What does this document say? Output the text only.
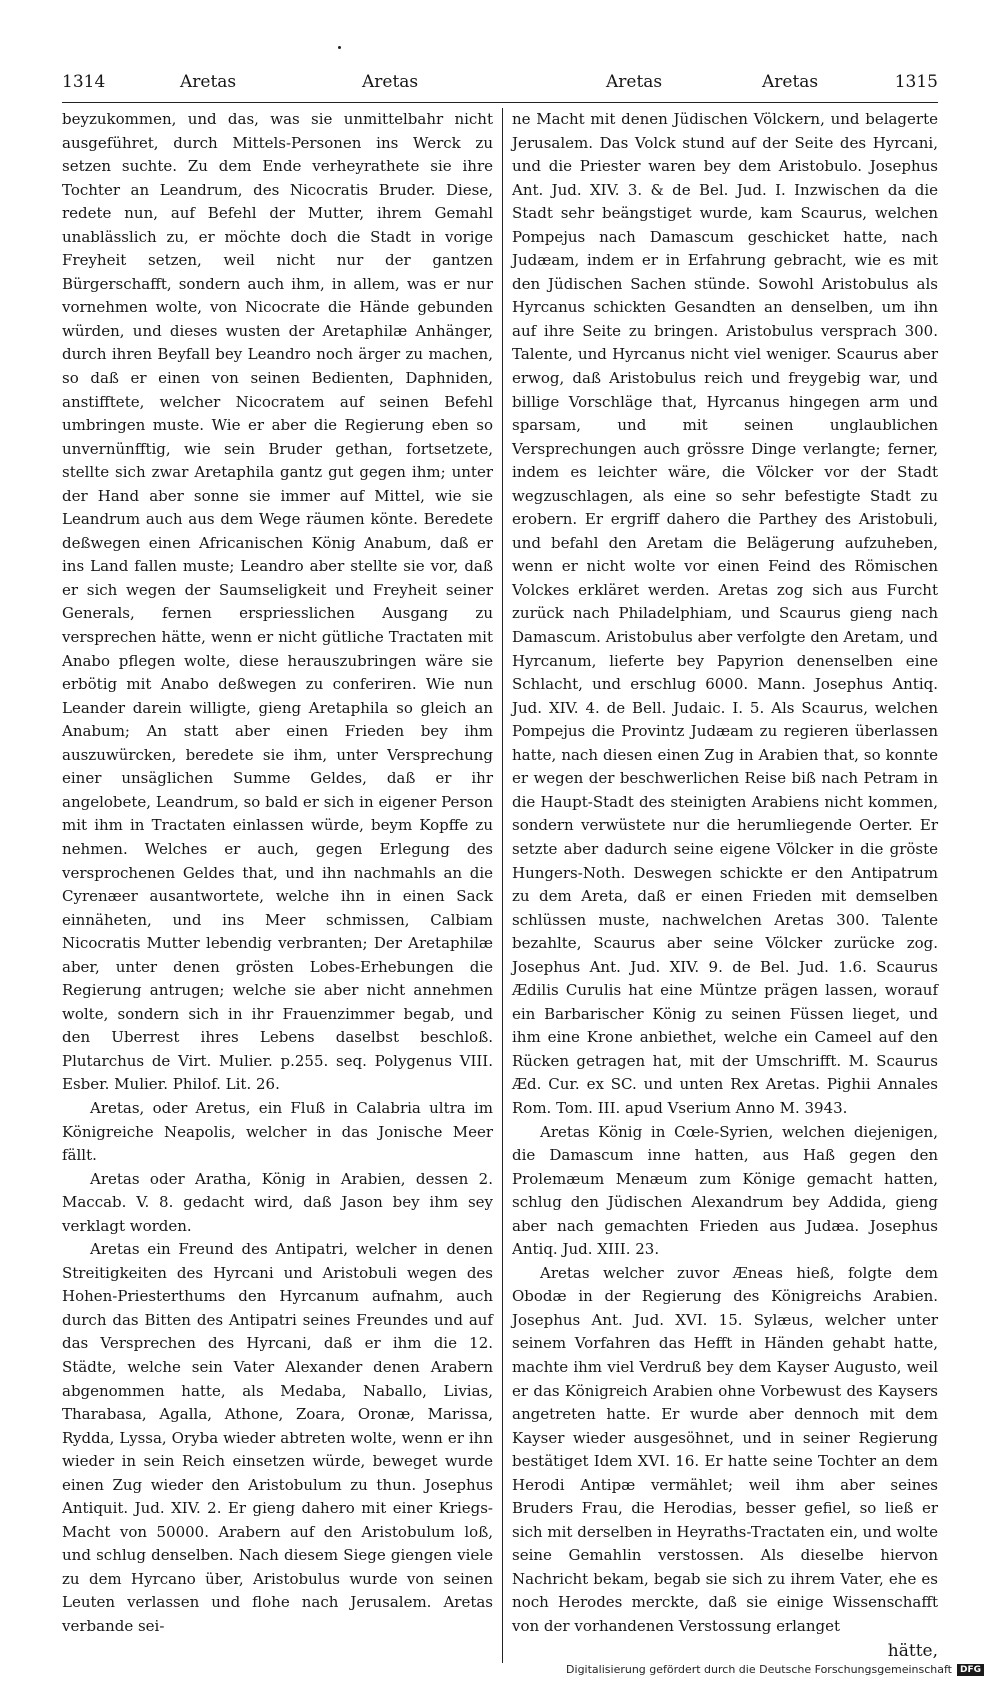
1314	Aretas	Aretas	Aretas	Aretas	1315

beyzukommen, und das, was sie unmittelbahr nicht ausgeführet, durch Mittels-Personen ins Werck zu setzen suchte. Zu dem Ende verheyrathete sie ihre Tochter an Leandrum, des Nicocratis Bruder. Diese, redete nun, auf Befehl der Mutter, ihrem Gemahl unablässlich zu, er möchte doch die Stadt in vorige Freyheit setzen, weil nicht nur der gantzen Bürgerschafft, sondern auch ihm, in allem, was er nur vornehmen wolte, von Nicocrate die Hände gebunden würden, und dieses wusten der Aretaphilæ Anhänger, durch ihren Beyfall bey Leandro noch ärger zu machen, so daß er einen von seinen Bedienten, Daphniden, anstifftete, welcher Nicocratem auf seinen Befehl umbringen muste. Wie er aber die Regierung eben so unvernünfftig, wie sein Bruder gethan, fortsetzete, stellte sich zwar Aretaphila gantz gut gegen ihm; unter der Hand aber sonne sie immer auf Mittel, wie sie Leandrum auch aus dem Wege räumen könte. Beredete deßwegen einen Africanischen König Anabum, daß er ins Land fallen muste; Leandro aber stellte sie vor, daß er sich wegen der Saumseligkeit und Freyheit seiner Generals, fernen erspriesslichen Ausgang zu versprechen hätte, wenn er nicht gütliche Tractaten mit Anabo pflegen wolte, diese herauszubringen wäre sie erbötig mit Anabo deßwegen zu conferiren. Wie nun Leander darein willigte, gieng Aretaphila so gleich an Anabum; An statt aber einen Frieden bey ihm auszuwürcken, beredete sie ihm, unter Versprechung einer unsäglichen Summe Geldes, daß er ihr angelobete, Leandrum, so bald er sich in eigener Person mit ihm in Tractaten einlassen würde, beym Kopffe zu nehmen. Welches er auch, gegen Erlegung des versprochenen Geldes that, und ihn nachmahls an die Cyrenæer ausantwortete, welche ihn in einen Sack einnäheten, und ins Meer schmissen, Calbiam Nicocratis Mutter lebendig verbranten; Der Aretaphilæ aber, unter denen grösten Lobes-Erhebungen die Regierung antrugen; welche sie aber nicht annehmen wolte, sondern sich in ihr Frauenzimmer begab, und den Uberrest ihres Lebens daselbst beschloß. Plutarchus de Virt. Mulier. p.255. seq. Polygenus VIII. Esber. Mulier. Philof. Lit. 26.

Aretas, oder Aretus, ein Fluß in Calabria ultra im Königreiche Neapolis, welcher in das Jonische Meer fällt.

Aretas oder Aratha, König in Arabien, dessen 2. Maccab. V. 8. gedacht wird, daß Jason bey ihm sey verklagt worden.

Aretas ein Freund des Antipatri, welcher in denen Streitigkeiten des Hyrcani und Aristobuli wegen des Hohen-Priesterthums den Hyrcanum aufnahm, auch durch das Bitten des Antipatri seines Freundes und auf das Versprechen des Hyrcani, daß er ihm die 12. Städte, welche sein Vater Alexander denen Arabern abgenommen hatte, als Medaba, Naballo, Livias, Tharabasa, Agalla, Athone, Zoara, Oronæ, Marissa, Rydda, Lyssa, Oryba wieder abtreten wolte, wenn er ihn wieder in sein Reich einsetzen würde, beweget wurde einen Zug wieder den Aristobulum zu thun. Josephus Antiquit. Jud. XIV. 2. Er gieng dahero mit einer Kriegs-Macht von 50000. Arabern auf den Aristobulum loß, und schlug denselben. Nach diesem Siege giengen viele zu dem Hyrcano über, Aristobulus wurde von seinen Leuten verlassen und flohe nach Jerusalem. Aretas verbande sei-

ne Macht mit denen Jüdischen Völckern, und belagerte Jerusalem. Das Volck stund auf der Seite des Hyrcani, und die Priester waren bey dem Aristobulo. Josephus Ant. Jud. XIV. 3. & de Bel. Jud. I. Inzwischen da die Stadt sehr beängstiget wurde, kam Scaurus, welchen Pompejus nach Damascum geschicket hatte, nach Judæam, indem er in Erfahrung gebracht, wie es mit den Jüdischen Sachen stünde. Sowohl Aristobulus als Hyrcanus schickten Gesandten an denselben, um ihn auf ihre Seite zu bringen. Aristobulus versprach 300. Talente, und Hyrcanus nicht viel weniger. Scaurus aber erwog, daß Aristobulus reich und freygebig war, und billige Vorschläge that, Hyrcanus hingegen arm und sparsam, und mit seinen unglaublichen Versprechungen auch grössre Dinge verlangte; ferner, indem es leichter wäre, die Völcker vor der Stadt wegzuschlagen, als eine so sehr befestigte Stadt zu erobern. Er ergriff dahero die Parthey des Aristobuli, und befahl den Aretam die Belägerung aufzuheben, wenn er nicht wolte vor einen Feind des Römischen Volckes erkläret werden. Aretas zog sich aus Furcht zurück nach Philadelphiam, und Scaurus gieng nach Damascum. Aristobulus aber verfolgte den Aretam, und Hyrcanum, lieferte bey Papyrion denenselben eine Schlacht, und erschlug 6000. Mann. Josephus Antiq. Jud. XIV. 4. de Bell. Judaic. I. 5. Als Scaurus, welchen Pompejus die Provintz Judæam zu regieren überlassen hatte, nach diesen einen Zug in Arabien that, so konnte er wegen der beschwerlichen Reise biß nach Petram in die Haupt-Stadt des steinigten Arabiens nicht kommen, sondern verwüstete nur die herumliegende Oerter. Er setzte aber dadurch seine eigene Völcker in die gröste Hungers-Noth. Deswegen schickte er den Antipatrum zu dem Areta, daß er einen Frieden mit demselben schlüssen muste, nachwelchen Aretas 300. Talente bezahlte, Scaurus aber seine Völcker zurücke zog. Josephus Ant. Jud. XIV. 9. de Bel. Jud. 1.6. Scaurus Ædilis Curulis hat eine Müntze prägen lassen, worauf ein Barbarischer König zu seinen Füssen lieget, und ihm eine Krone anbiethet, welche ein Cameel auf den Rücken getragen hat, mit der Umschrifft. M. Scaurus Æd. Cur. ex SC. und unten Rex Aretas. Pighii Annales Rom. Tom. III. apud Vserium Anno M. 3943.

Aretas König in Cœle-Syrien, welchen diejenigen, die Damascum inne hatten, aus Haß gegen den Prolemæum Menæum zum Könige gemacht hatten, schlug den Jüdischen Alexandrum bey Addida, gieng aber nach gemachten Frieden aus Judæa. Josephus Antiq. Jud. XIII. 23.

Aretas welcher zuvor Æneas hieß, folgte dem Obodæ in der Regierung des Königreichs Arabien. Josephus Ant. Jud. XVI. 15. Sylæus, welcher unter seinem Vorfahren das Hefft in Händen gehabt hatte, machte ihm viel Verdruß bey dem Kayser Augusto, weil er das Königreich Arabien ohne Vorbewust des Kaysers angetreten hatte. Er wurde aber dennoch mit dem Kayser wieder ausgesöhnet, und in seiner Regierung bestätiget Idem XVI. 16. Er hatte seine Tochter an dem Herodi Antipæ vermählet; weil ihm aber seines Bruders Frau, die Herodias, besser gefiel, so ließ er sich mit derselben in Heyraths-Tractaten ein, und wolte seine Gemahlin verstossen. Als dieselbe hiervon Nachricht bekam, begab sie sich zu ihrem Vater, ehe es noch Herodes merckte, daß sie einige Wissenschafft von der vorhandenen Verstossung erlanget

hätte,
Digitalisierung gefördert durch die Deutsche Forschungsgemeinschaft DFG
